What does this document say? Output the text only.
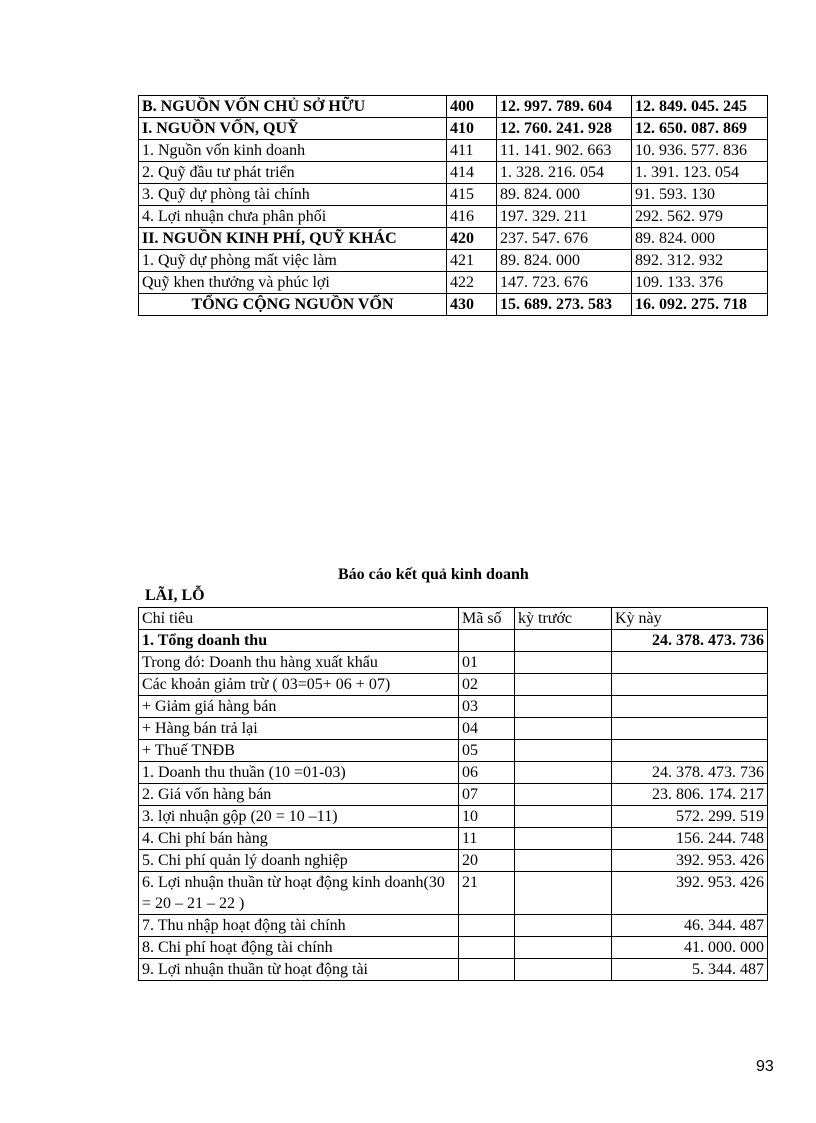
B. NGUỒN VỐN CHỦ SỞ HỮU	400	12. 997. 789. 604	12. 849. 045. 245
I. NGUỒN VỐN, QUỸ	410	12. 760. 241. 928	12. 650. 087. 869
1. Nguồn vốn kinh doanh	411	11. 141. 902. 663	10. 936. 577. 836
2. Quỹ đầu tư phát triển	414	1. 328. 216. 054	1. 391. 123. 054
3. Quỹ dự phòng tài chính	415	89. 824. 000	91. 593. 130
4. Lợi nhuận chưa phân phối	416	197. 329. 211	292. 562. 979
II. NGUỒN KINH PHÍ, QUỸ KHÁC	420	237. 547. 676	89. 824. 000
1. Quỹ dự phòng mất việc làm	421	89. 824. 000	892. 312. 932
Quỹ khen thưởng và phúc lợi	422	147. 723. 676	109. 133. 376
TỔNG CỘNG NGUỒN VỐN	430	15. 689. 273. 583	16. 092. 275. 718
Báo cáo kết quả kinh doanh
LÃI, LỖ
Chỉ tiêu	Mã số	kỳ trước	Kỳ này
1. Tổng doanh thu			24. 378. 473. 736
Trong đó: Doanh thu hàng xuất khẩu	01		
Các khoản giảm trừ ( 03=05+ 06 + 07)	02		
+ Giảm giá hàng bán	03		
+ Hàng bán trả lại	04		
+ Thuế TNĐB	05		
1. Doanh thu thuần (10 =01-03)	06		24. 378. 473. 736
2. Giá vốn hàng bán	07		23. 806. 174. 217
3. lợi nhuận gộp (20 = 10 –11)	10		572. 299. 519
4. Chi phí bán hàng	11		156. 244. 748
5. Chi phí quản lý doanh nghiệp	20		392. 953. 426
6. Lợi nhuận thuần từ hoạt động kinh doanh(30 = 20 – 21 – 22 )	21		392. 953. 426
7. Thu nhập hoạt động tài chính			46. 344. 487
8. Chi phí hoạt động tài chính			41. 000. 000
9. Lợi nhuận thuần từ hoạt động tài			5. 344. 487
93
